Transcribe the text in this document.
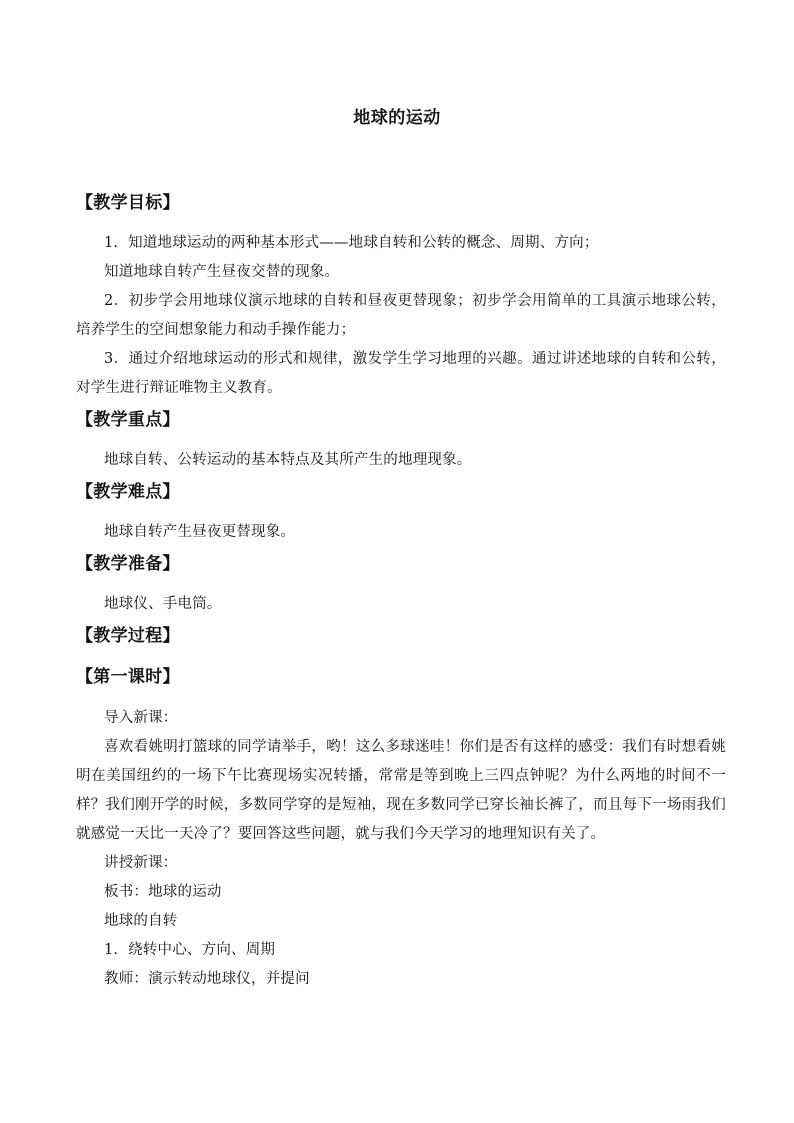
地球的运动
【教学目标】
1．知道地球运动的两种基本形式——地球自转和公转的概念、周期、方向；
知道地球自转产生昼夜交替的现象。
2．初步学会用地球仪演示地球的自转和昼夜更替现象；初步学会用简单的工具演示地球公转，培养学生的空间想象能力和动手操作能力；
3．通过介绍地球运动的形式和规律，激发学生学习地理的兴趣。通过讲述地球的自转和公转，对学生进行辩证唯物主义教育。
【教学重点】
地球自转、公转运动的基本特点及其所产生的地理现象。
【教学难点】
地球自转产生昼夜更替现象。
【教学准备】
地球仪、手电筒。
【教学过程】
【第一课时】
导入新课：
喜欢看姚明打篮球的同学请举手，哟！这么多球迷哇！你们是否有这样的感受：我们有时想看姚明在美国纽约的一场下午比赛现场实况转播，常常是等到晚上三四点钟呢？为什么两地的时间不一样？我们刚开学的时候，多数同学穿的是短袖，现在多数同学已穿长袖长裤了，而且每下一场雨我们就感觉一天比一天冷了？要回答这些问题，就与我们今天学习的地理知识有关了。
讲授新课：
板书：地球的运动
地球的自转
1．绕转中心、方向、周期
教师：演示转动地球仪，并提问
